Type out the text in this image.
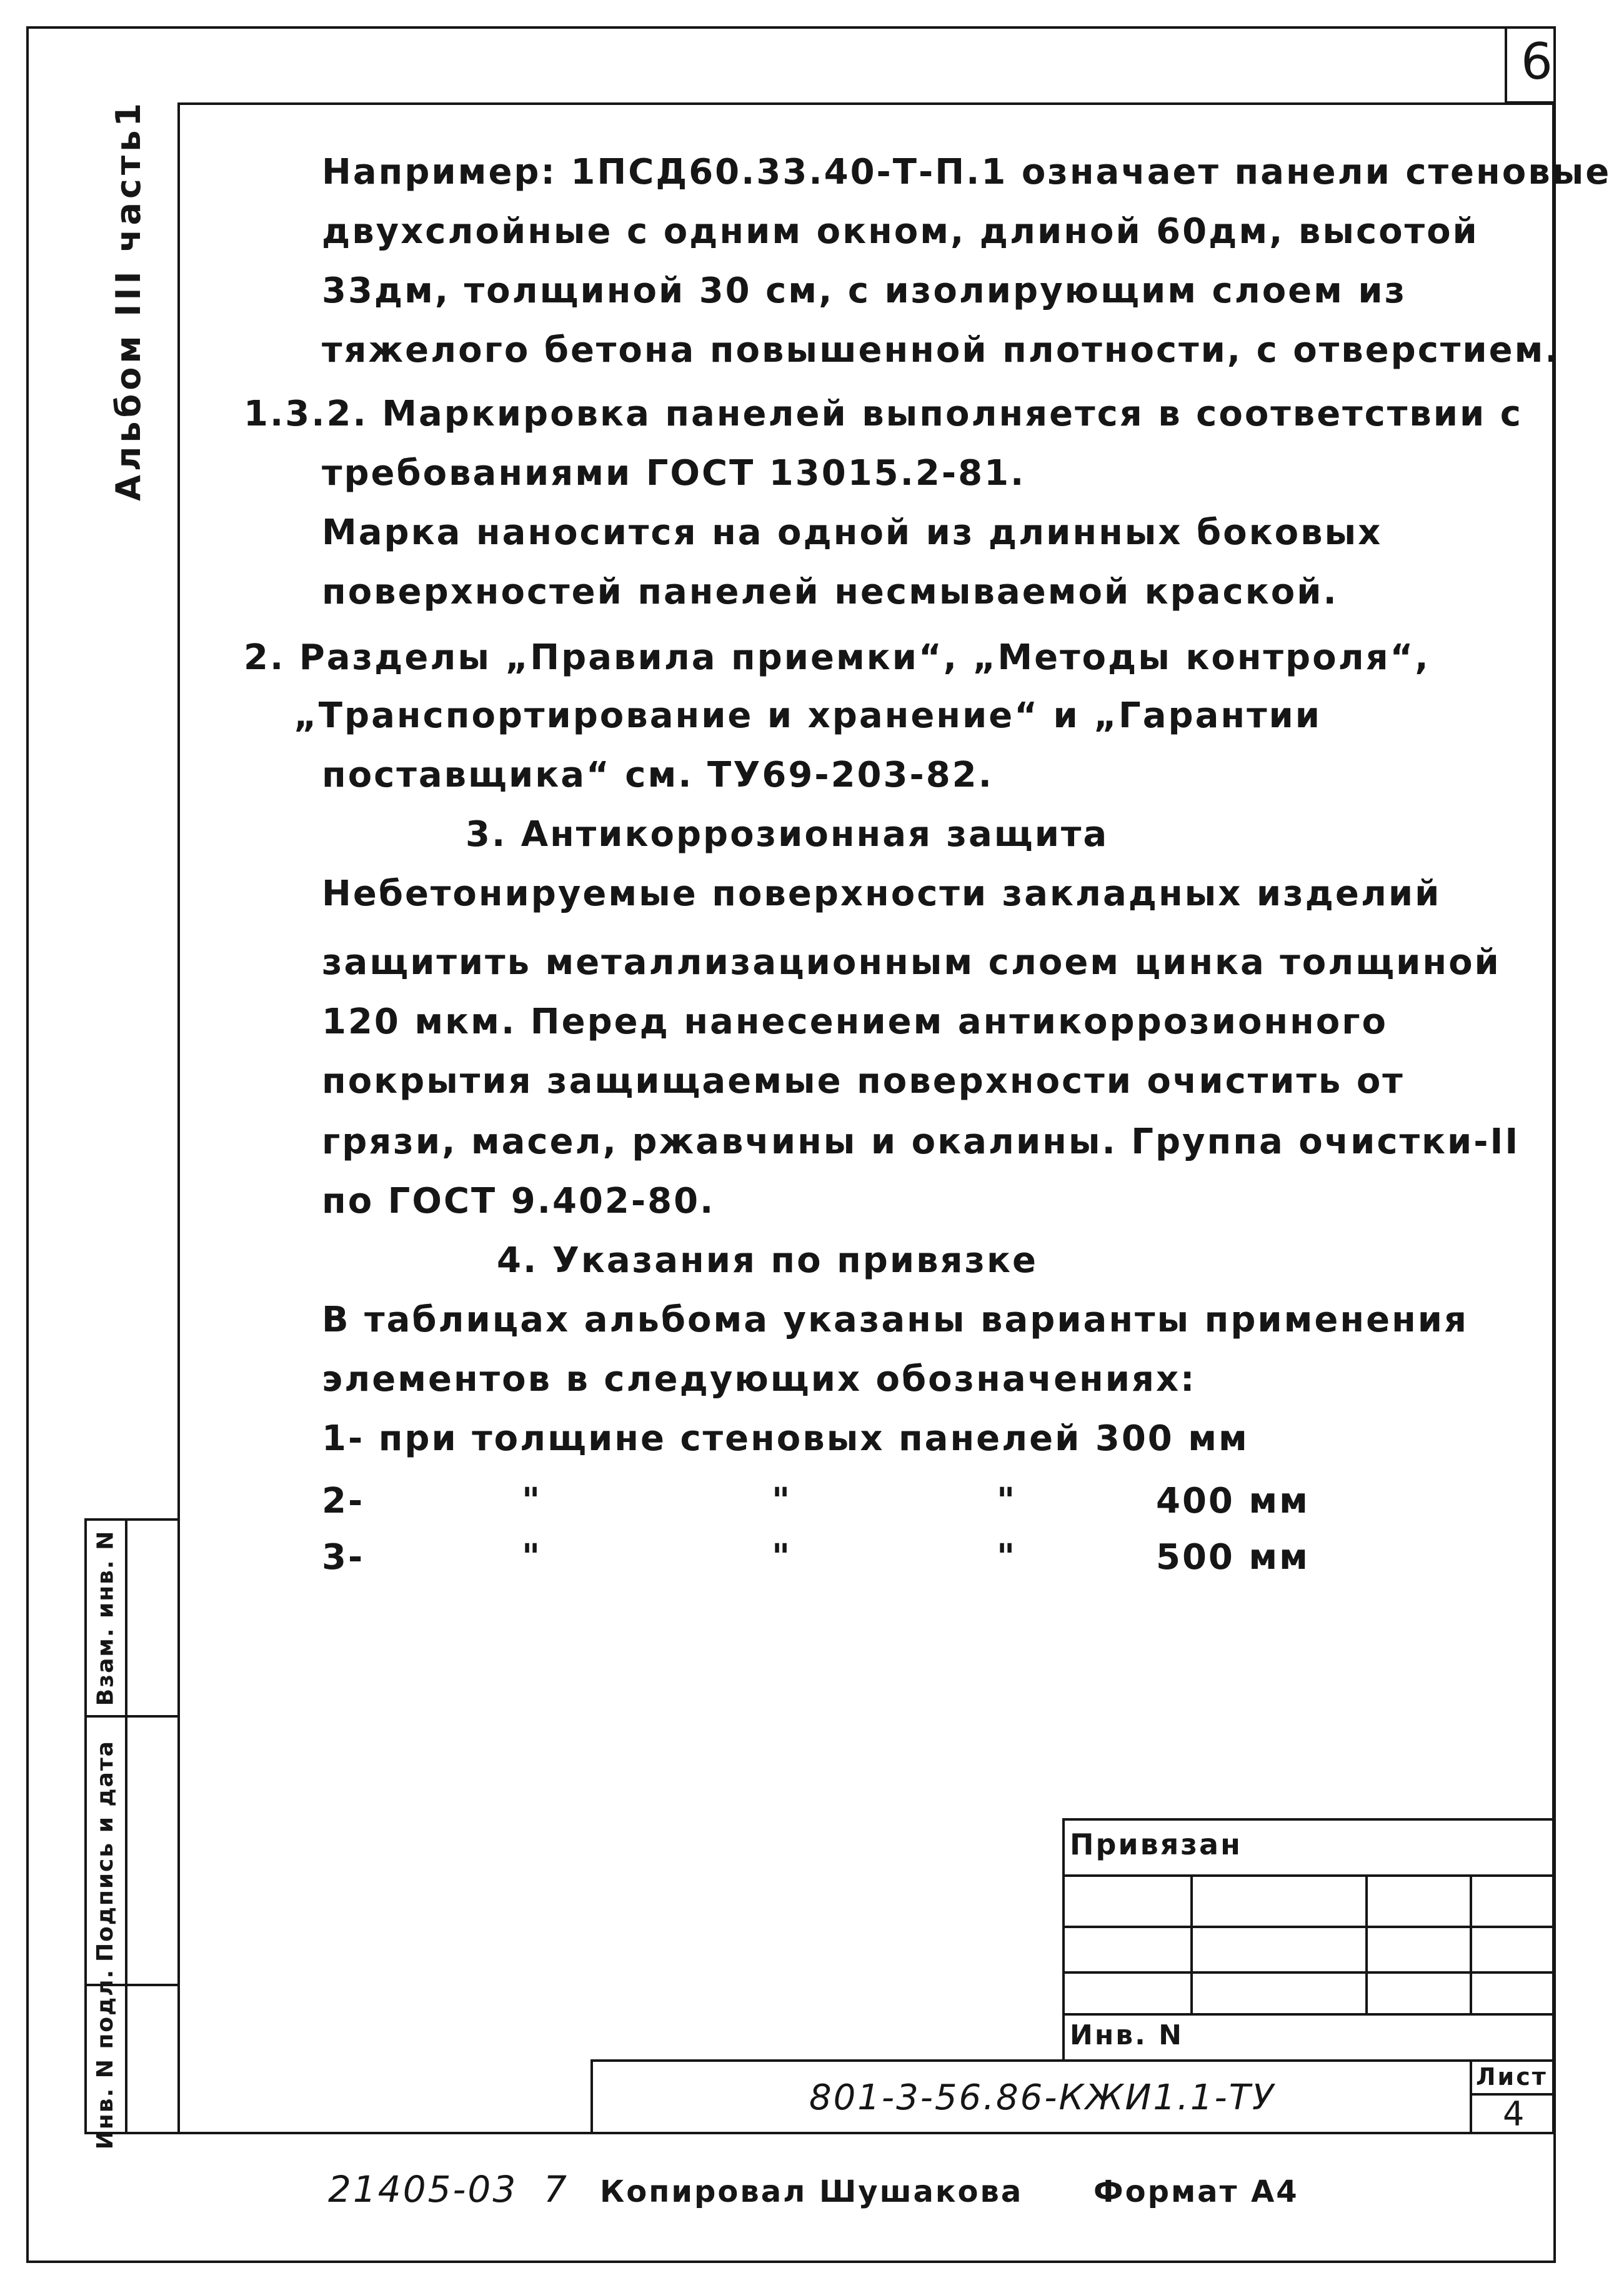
6
Альбом III часть1	Например: 1ПСД60.33.40-Т-П.1 означает панели стеновые
двухслойные с одним окном, длиной 60дм, высотой
33дм, толщиной 30 см, с изолирующим слоем из
тяжелого бетона повышенной плотности, с отверстием.
1.3.2. Маркировка панелей выполняется в соответствии с
требованиями ГОСТ 13015.2-81.
Марка наносится на одной из длинных боковых
поверхностей панелей несмываемой краской.
2. Разделы „Правила приемки“, „Методы контроля“,
„Транспортирование и хранение“ и „Гарантии
поставщика“ см. ТУ69-203-82.
3. Антикоррозионная защита
Небетонируемые поверхности закладных изделий
защитить металлизационным слоем цинка толщиной
120 мкм. Перед нанесением антикоррозионного
покрытия защищаемые поверхности очистить от
грязи, масел, ржавчины и окалины. Группа очистки-II
по ГОСТ 9.402-80.
4. Указания по привязке
В таблицах альбома указаны варианты применения
элементов в следующих обозначениях:
1- при толщине стеновых панелей 300 мм
2-	"	"	"	400 мм
3-	"	"	"	500 мм
Взам. инв. N
Подпись и дата
Инв. N подл.
Привязан
Инв. N
801-3-56.86-КЖИ1.1-ТУ
Лист
4
21405-03 7 Копировал Шушакова Формат А4
